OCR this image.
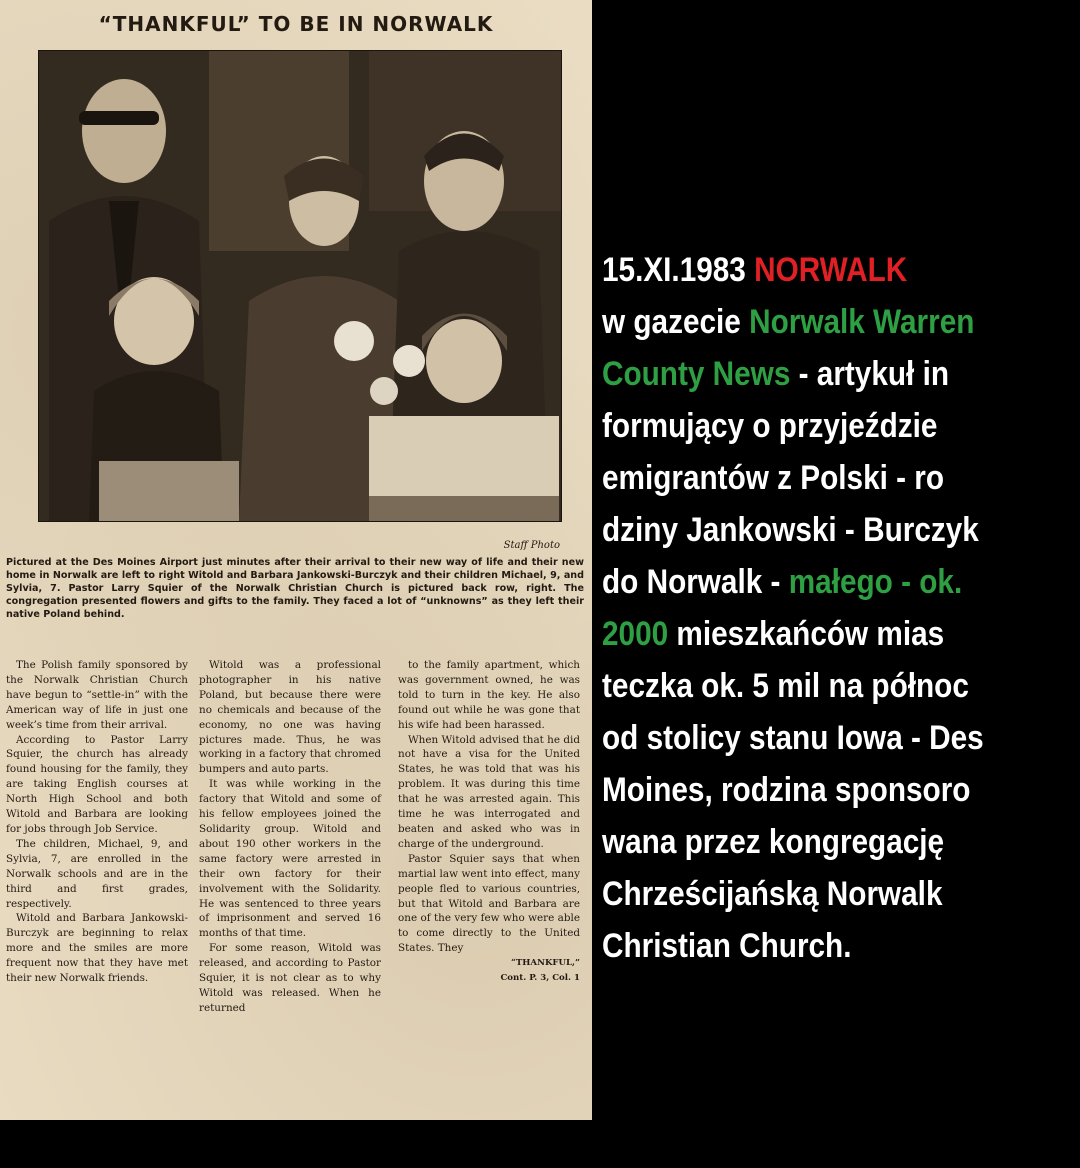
“THANKFUL” TO BE IN NORWALK
Staff Photo
Pictured at the Des Moines Airport just minutes after their arrival to their new way of life and their new home in Norwalk are left to right Witold and Barbara Jankowski-Burczyk and their children Michael, 9, and Sylvia, 7. Pastor Larry Squier of the Norwalk Christian Church is pictured back row, right. The congregation presented flowers and gifts to the family. They faced a lot of “unknowns” as they left their native Poland behind.

The Polish family sponsored by the Norwalk Christian Church have begun to “settle-in” with the American way of life in just one week’s time from their arrival.

According to Pastor Larry Squier, the church has already found housing for the family, they are taking English courses at North High School and both Witold and Barbara are looking for jobs through Job Service.

The children, Michael, 9, and Sylvia, 7, are enrolled in the Norwalk schools and are in the third and first grades, respectively.

Witold and Barbara Jankowski-Burczyk are beginning to relax more and the smiles are more frequent now that they have met their new Norwalk friends.

Witold was a professional photographer in his native Poland, but because there were no chemicals and because of the economy, no one was having pictures made. Thus, he was working in a factory that chromed bumpers and auto parts.

It was while working in the factory that Witold and some of his fellow employees joined the Solidarity group. Witold and about 190 other workers in the same factory were arrested in their own factory for their involvement with the Solidarity. He was sentenced to three years of imprisonment and served 16 months of that time.

For some reason, Witold was released, and according to Pastor Squier, it is not clear as to why Witold was released. When he returned

to the family apartment, which was government owned, he was told to turn in the key. He also found out while he was gone that his wife had been harassed.

When Witold advised that he did not have a visa for the United States, he was told that was his problem. It was during this time that he was arrested again. This time he was interrogated and beaten and asked who was in charge of the underground.

Pastor Squier says that when martial law went into effect, many people fled to various countries, but that Witold and Barbara are one of the very few who were able to come directly to the United States. They

“THANKFUL,”
Cont. P. 3, Col. 1
15.XI.1983 NORWALK
w gazecie Norwalk Warren
County News - artykuł in
formujący o przyjeździe
emigrantów z Polski - ro
dziny Jankowski - Burczyk
do Norwalk - małego - ok.
2000 mieszkańców mias
teczka ok. 5 mil na północ
od stolicy stanu Iowa - Des
Moines, rodzina sponsoro
wana przez kongregację
Chrześcijańską Norwalk
Christian Church.
